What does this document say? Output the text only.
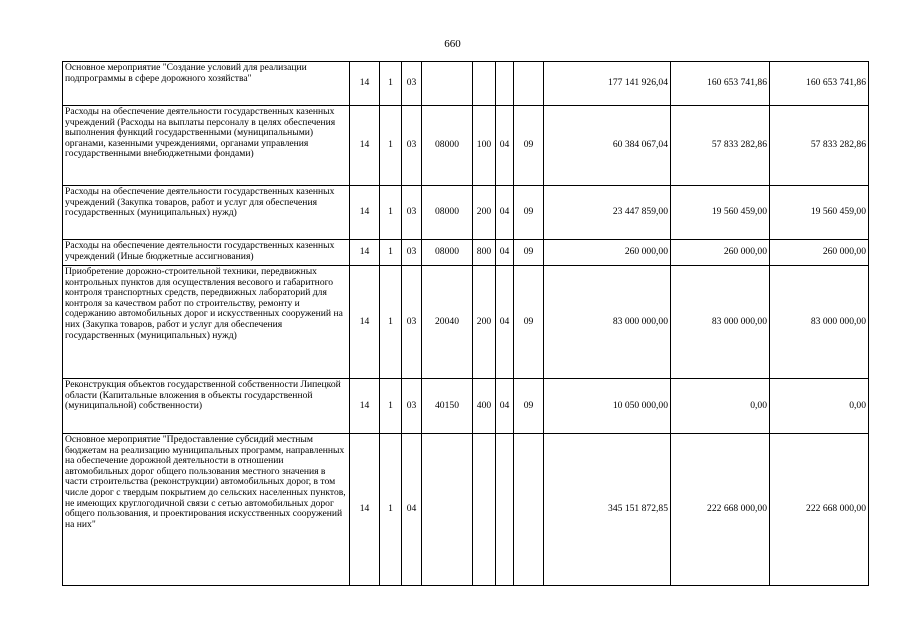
660
Основное мероприятие "Создание условий для реализации подпрограммы в сфере дорожного хозяйства"	14	1	03					177 141 926,04	160 653 741,86	160 653 741,86
Расходы на обеспечение деятельности государственных казенных учреждений (Расходы на выплаты персоналу в целях обеспечения выполнения функций государственными (муниципальными) органами, казенными учреждениями, органами управления государственными внебюджетными фондами)	14	1	03	08000	100	04	09	60 384 067,04	57 833 282,86	57 833 282,86
Расходы на обеспечение деятельности государственных казенных учреждений (Закупка товаров, работ и услуг для обеспечения государственных (муниципальных) нужд)	14	1	03	08000	200	04	09	23 447 859,00	19 560 459,00	19 560 459,00
Расходы на обеспечение деятельности государственных казенных учреждений (Иные бюджетные ассигнования)	14	1	03	08000	800	04	09	260 000,00	260 000,00	260 000,00
Приобретение дорожно-строительной техники, передвижных контрольных пунктов для осуществления весового и габаритного контроля транспортных средств, передвижных лабораторий для контроля за качеством работ по строительству, ремонту и содержанию автомобильных дорог и искусственных сооружений на них (Закупка товаров, работ и услуг для обеспечения государственных (муниципальных) нужд)	14	1	03	20040	200	04	09	83 000 000,00	83 000 000,00	83 000 000,00
Реконструкция объектов государственной собственности Липецкой области (Капитальные вложения в объекты государственной (муниципальной) собственности)	14	1	03	40150	400	04	09	10 050 000,00	0,00	0,00
Основное мероприятие "Предоставление субсидий местным бюджетам на реализацию муниципальных программ, направленных на обеспечение дорожной деятельности в отношении автомобильных дорог общего пользования местного значения в части строительства (реконструкции) автомобильных дорог, в том числе дорог с твердым покрытием до сельских населенных пунктов, не имеющих круглогодичной связи с сетью автомобильных дорог общего пользования, и проектирования искусственных сооружений на них"	14	1	04					345 151 872,85	222 668 000,00	222 668 000,00
